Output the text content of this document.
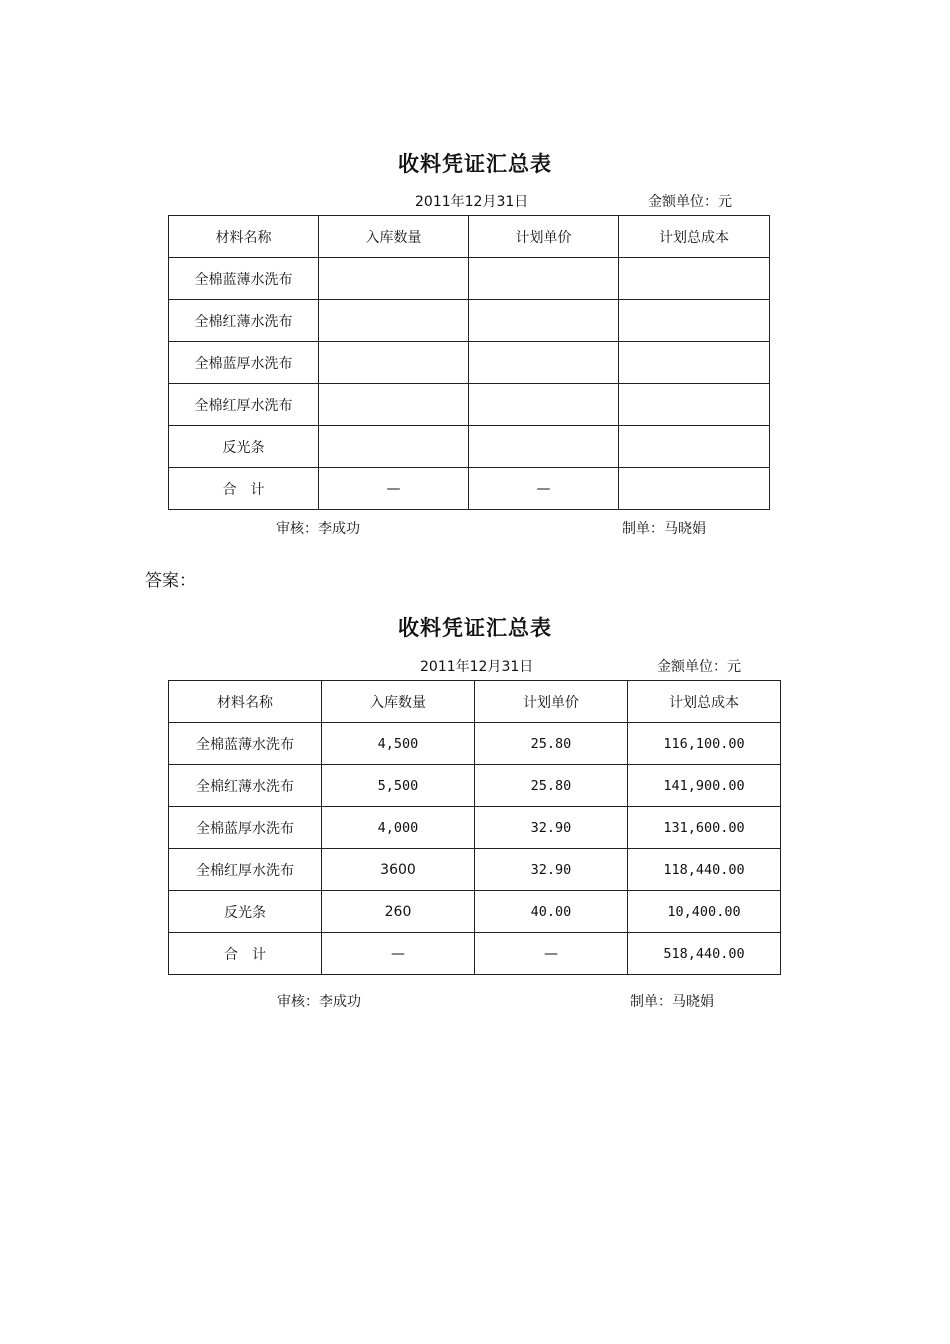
收料凭证汇总表
2011年12月31日	金额单位：元
材料名称	入库数量	计划单价	计划总成本
全棉蓝薄水洗布			
全棉红薄水洗布			
全棉蓝厚水洗布			
全棉红厚水洗布			
反光条			
合　计	—	—	
审核：李成功	制单：马晓娟
答案：
收料凭证汇总表
2011年12月31日	金额单位：元
材料名称	入库数量	计划单价	计划总成本
全棉蓝薄水洗布	4,500	25.80	116,100.00
全棉红薄水洗布	5,500	25.80	141,900.00
全棉蓝厚水洗布	4,000	32.90	131,600.00
全棉红厚水洗布	3600	32.90	118,440.00
反光条	260	40.00	10,400.00
合　计	—	—	518,440.00
审核：李成功	制单：马晓娟
